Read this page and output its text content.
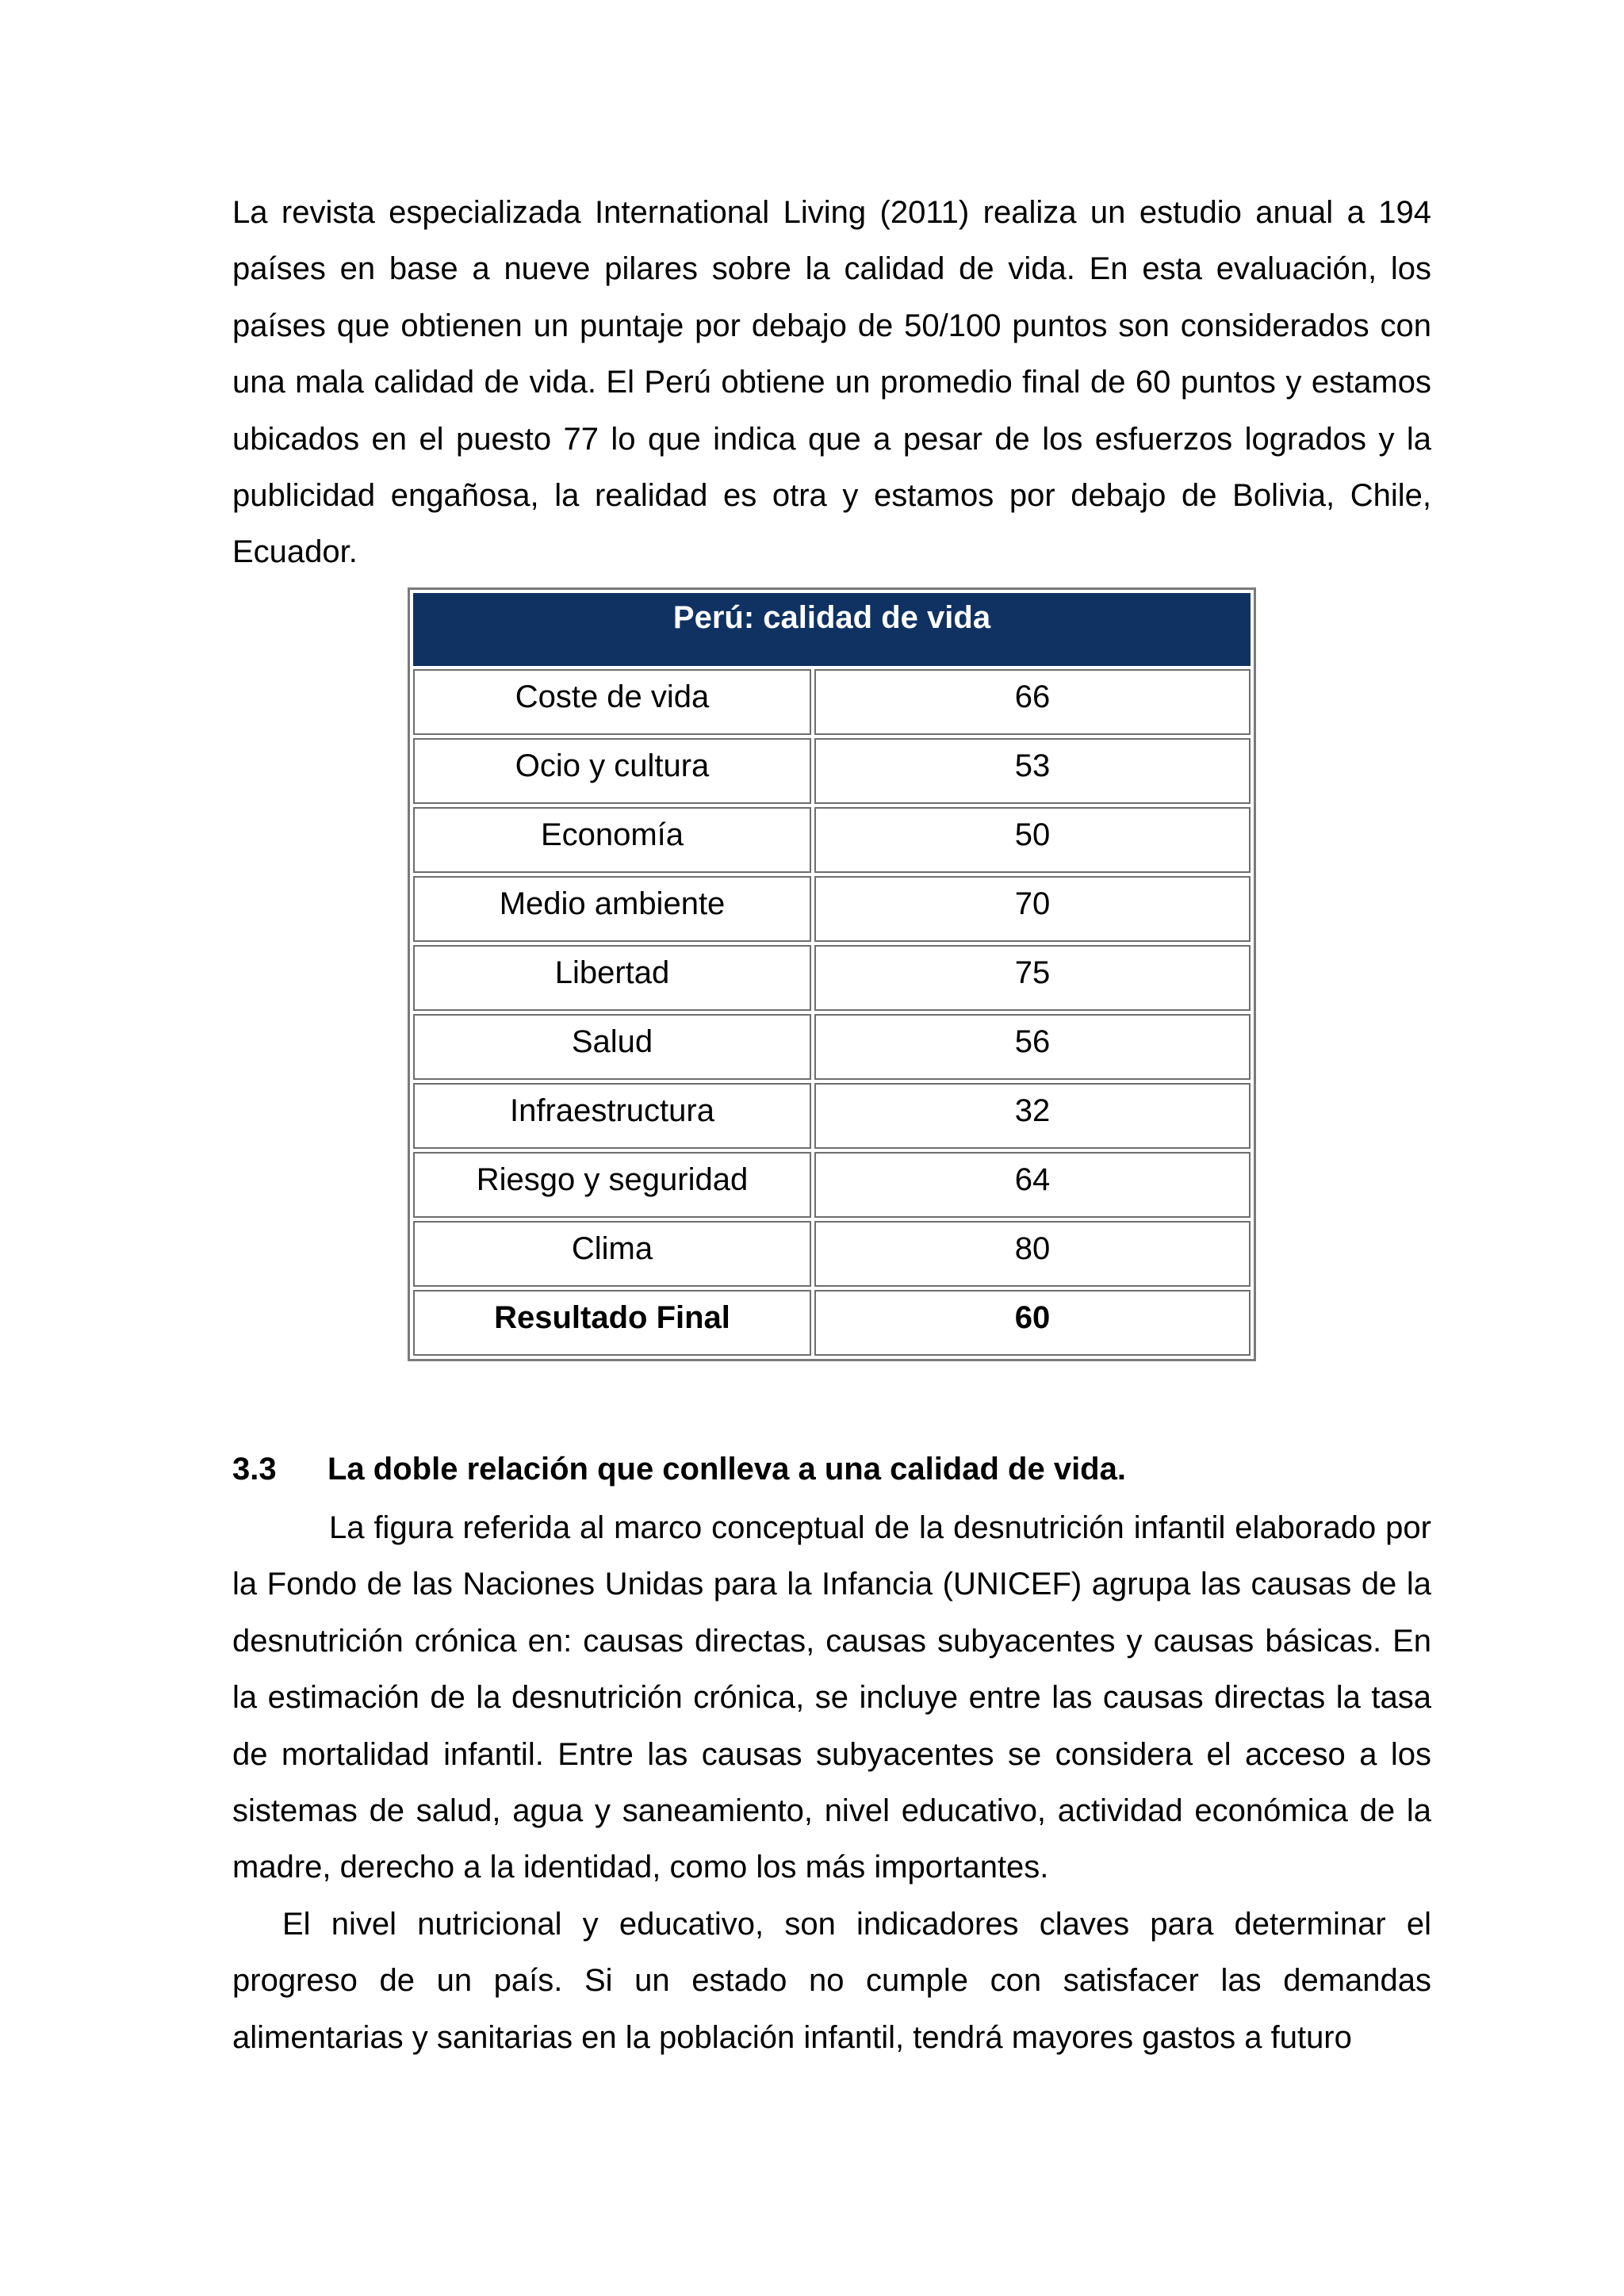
La revista especializada International Living (2011) realiza un estudio anual a 194 países en base a nueve pilares sobre la calidad de vida. En esta evaluación, los países que obtienen un puntaje por debajo de 50/100 puntos son considerados con una mala calidad de vida. El Perú obtiene un promedio final de 60 puntos y estamos ubicados en el puesto 77 lo que indica que a pesar de los esfuerzos logrados y la publicidad engañosa, la realidad es otra y estamos por debajo de Bolivia, Chile, Ecuador.

Perú: calidad de vida	
Coste de vida	66
Ocio y cultura	53
Economía	50
Medio ambiente	70
Libertad	75
Salud	56
Infraestructura	32
Riesgo y seguridad	64
Clima	80
Resultado Final	60
3.3 La doble relación que conlleva a una calidad de vida.

La figura referida al marco conceptual de la desnutrición infantil elaborado por la Fondo de las Naciones Unidas para la Infancia (UNICEF) agrupa las causas de la desnutrición crónica en: causas directas, causas subyacentes y causas básicas. En la estimación de la desnutrición crónica, se incluye entre las causas directas la tasa de mortalidad infantil. Entre las causas subyacentes se considera el acceso a los sistemas de salud, agua y saneamiento, nivel educativo, actividad económica de la madre, derecho a la identidad, como los más importantes.

El nivel nutricional y educativo, son indicadores claves para determinar el progreso de un país. Si un estado no cumple con satisfacer las demandas alimentarias y sanitarias en la población infantil, tendrá mayores gastos a futuro
